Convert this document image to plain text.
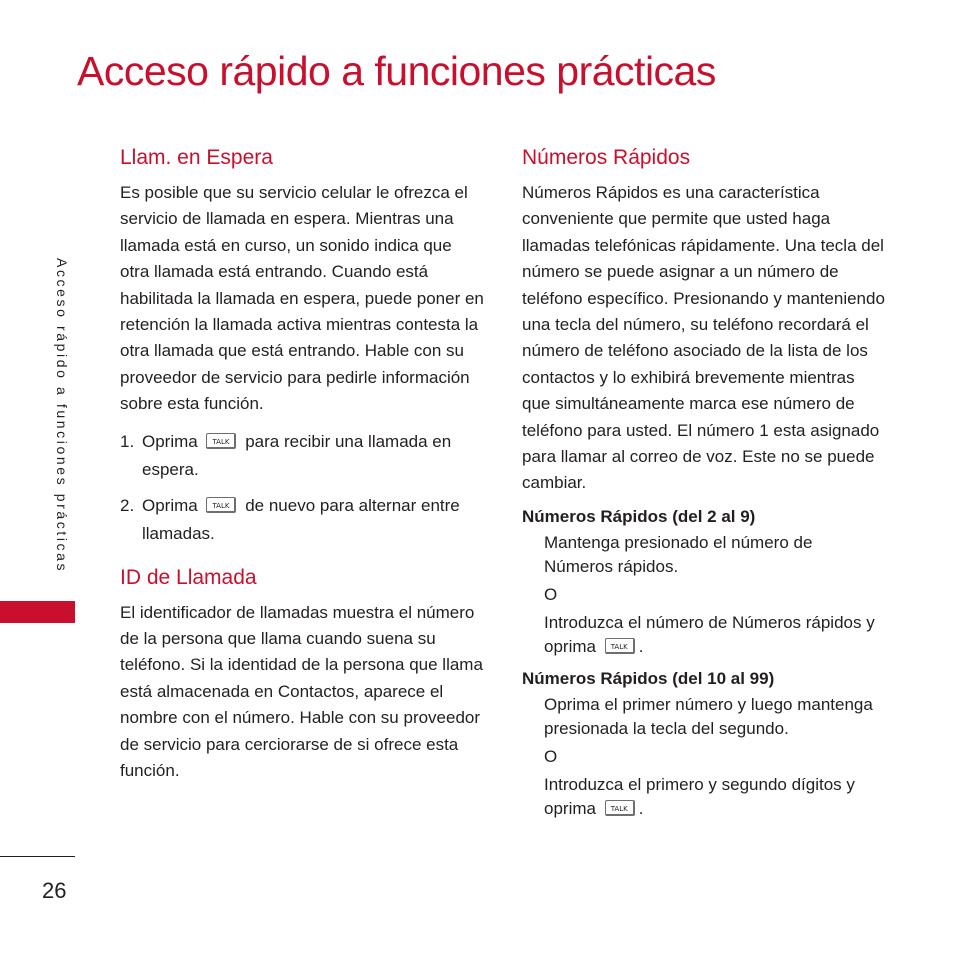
Acceso rápido a funciones prácticas
Acceso rápido a funciones prácticas
26
Llam. en Espera

Es posible que su servicio celular le ofrezca el servicio de llamada en espera. Mientras una llamada está en curso, un sonido indica que otra llamada está entrando. Cuando está habilitada la llamada en espera, puede poner en retención la llamada activa mientras contesta la otra llamada que está entrando. Hable con su proveedor de servicio para pedirle información sobre esta función.

1. Oprima TALK para recibir una llamada en espera.
2. Oprima TALK de nuevo para alternar entre llamadas.
ID de Llamada

El identificador de llamadas muestra el número de la persona que llama cuando suena su teléfono. Si la identidad de la persona que llama está almacenada en Contactos, aparece el nombre con el número. Hable con su proveedor de servicio para cerciorarse de si ofrece esta función.

Números Rápidos

Números Rápidos es una característica conveniente que permite que usted haga llamadas telefónicas rápidamente. Una tecla del número se puede asignar a un número de teléfono específico. Presionando y manteniendo una tecla del número, su teléfono recordará el número de teléfono asociado de la lista de los contactos y lo exhibirá brevemente mientras que simultáneamente marca ese número de teléfono para usted. El número 1 esta asignado para llamar al correo de voz. Este no se puede cambiar.

Números Rápidos (del 2 al 9)
Mantenga presionado el número de Números rápidos.
O
Introduzca el número de Números rápidos y oprima TALK .
Números Rápidos (del 10 al 99)
Oprima el primer número y luego mantenga presionada la tecla del segundo.
O
Introduzca el primero y segundo dígitos y oprima TALK .
